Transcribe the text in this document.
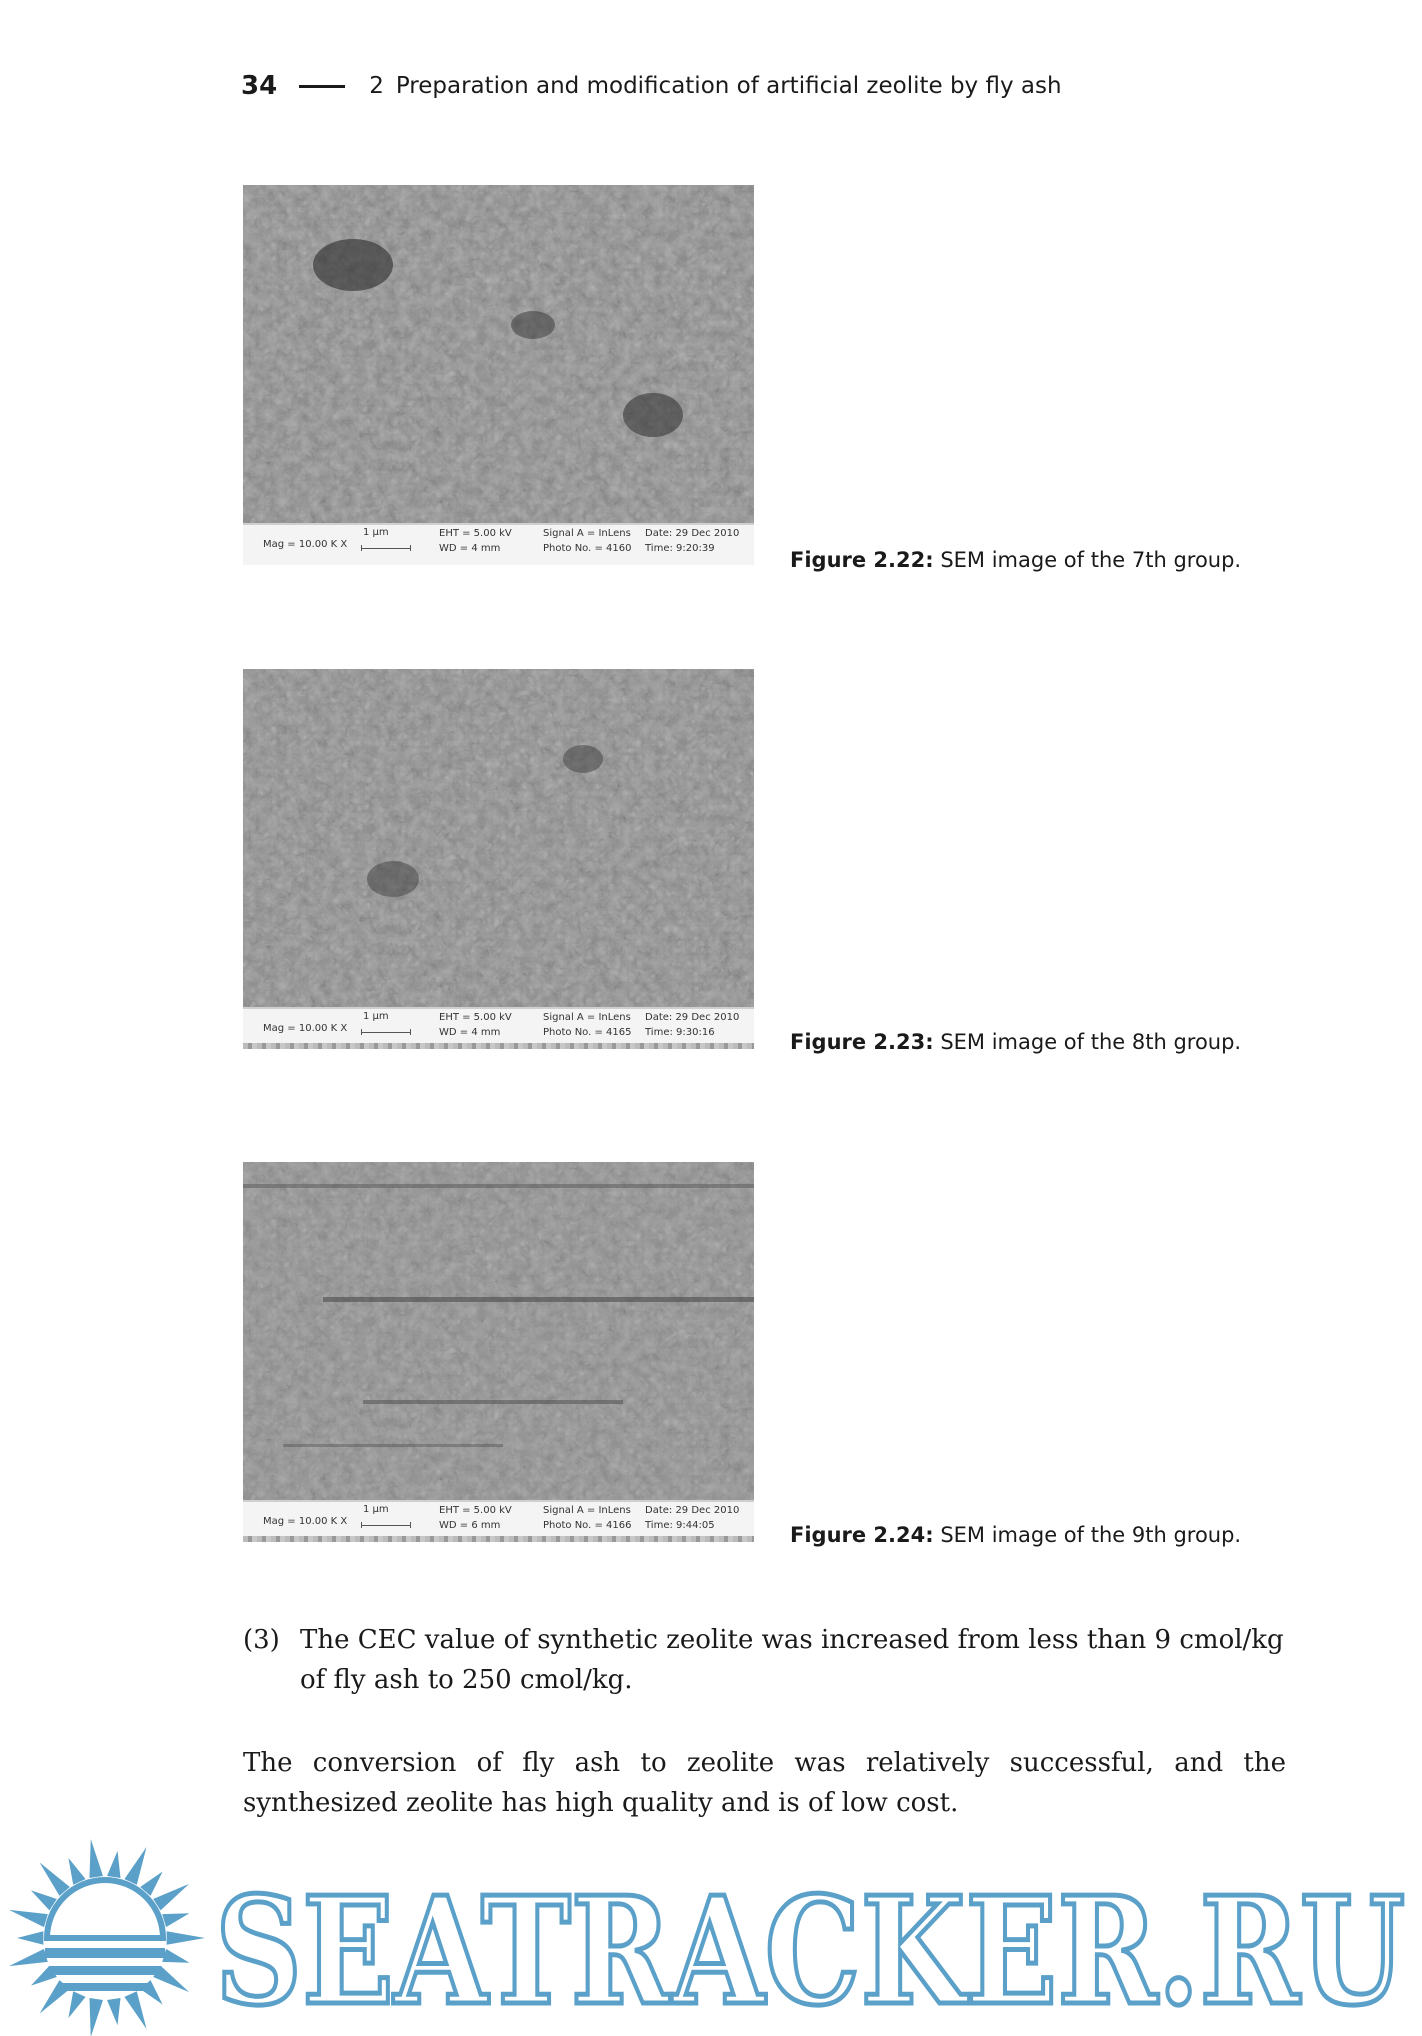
34	2 Preparation and modification of artificial zeolite by fly ash
Mag = 10.00 K X
1 μm	EHT = 5.00 kV
WD = 4 mm
Signal A = InLens
Photo No. = 4160
Date: 29 Dec 2010
Time: 9:20:39	Figure 2.22: SEM image of the 7th group.
Mag = 10.00 K X
1 μm	EHT = 5.00 kV
WD = 4 mm
Signal A = InLens
Photo No. = 4165
Date: 29 Dec 2010
Time: 9:30:16	Figure 2.23: SEM image of the 8th group.
Mag = 10.00 K X
1 μm	EHT = 5.00 kV
WD = 6 mm
Signal A = InLens
Photo No. = 4166
Date: 29 Dec 2010
Time: 9:44:05	Figure 2.24: SEM image of the 9th group.
(3) The CEC value of synthetic zeolite was increased from less than 9 cmol/kg of fly ash to 250 cmol/kg.
The conversion of fly ash to zeolite was relatively successful, and the synthesized zeolite has high quality and is of low cost.
SEATRACKER.RU
